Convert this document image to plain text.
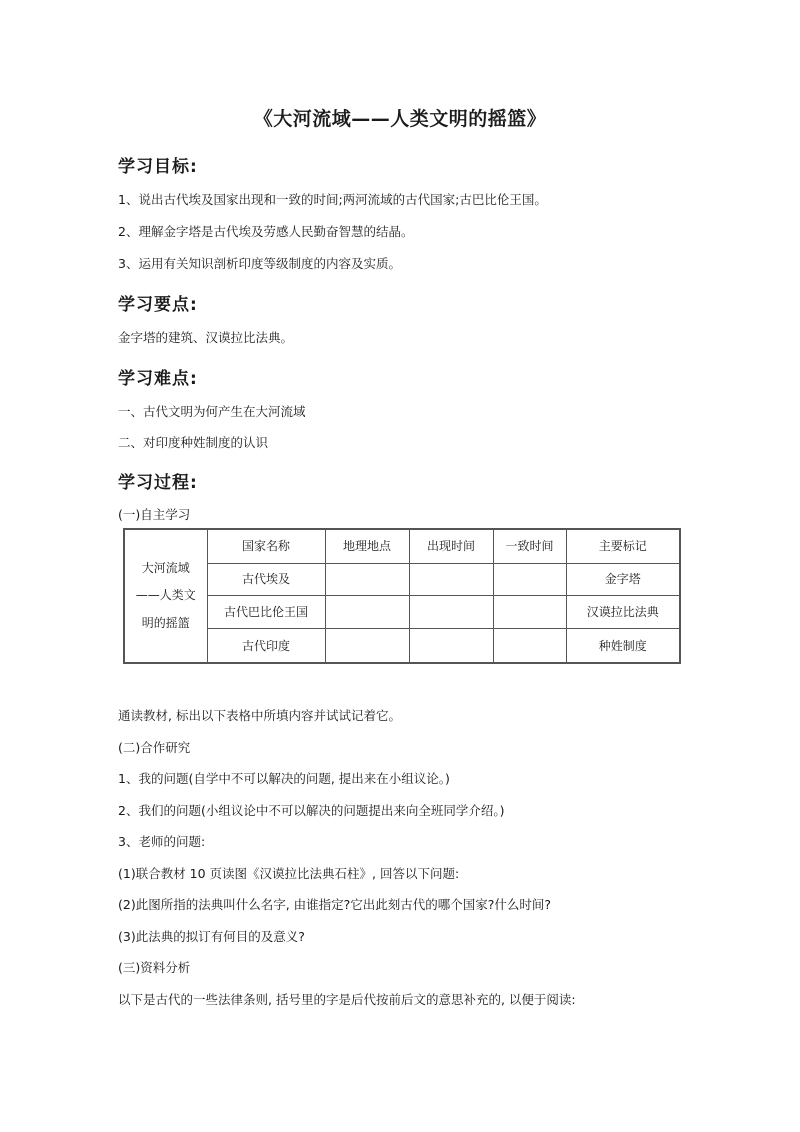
《大河流域——人类文明的摇篮》
学习目标:
1、说出古代埃及国家出现和一致的时间;两河流域的古代国家;古巴比伦王国。
2、理解金字塔是古代埃及劳感人民勤奋智慧的结晶。
3、运用有关知识剖析印度等级制度的内容及实质。
学习要点:
金字塔的建筑、汉谟拉比法典。
学习难点:
一、古代文明为何产生在大河流域
二、对印度种姓制度的认识
学习过程:
(一)自主学习
大河流域
——人类文
明的摇篮	国家名称	地理地点	出现时间	一致时间	主要标记
	古代埃及				金字塔
	古代巴比伦王国				汉谟拉比法典
	古代印度				种姓制度
通读教材, 标出以下表格中所填内容并试试记着它。
(二)合作研究
1、我的问题(自学中不可以解决的问题, 提出来在小组议论。)
2、我们的问题(小组议论中不可以解决的问题提出来向全班同学介绍。)
3、老师的问题:
(1)联合教材 10 页读图《汉谟拉比法典石柱》, 回答以下问题:
(2)此图所指的法典叫什么名字, 由谁指定?它出此刻古代的哪个国家?什么时间?
(3)此法典的拟订有何目的及意义?
(三)资料分析
以下是古代的一些法律条则, 括号里的字是后代按前后文的意思补充的, 以便于阅读:
